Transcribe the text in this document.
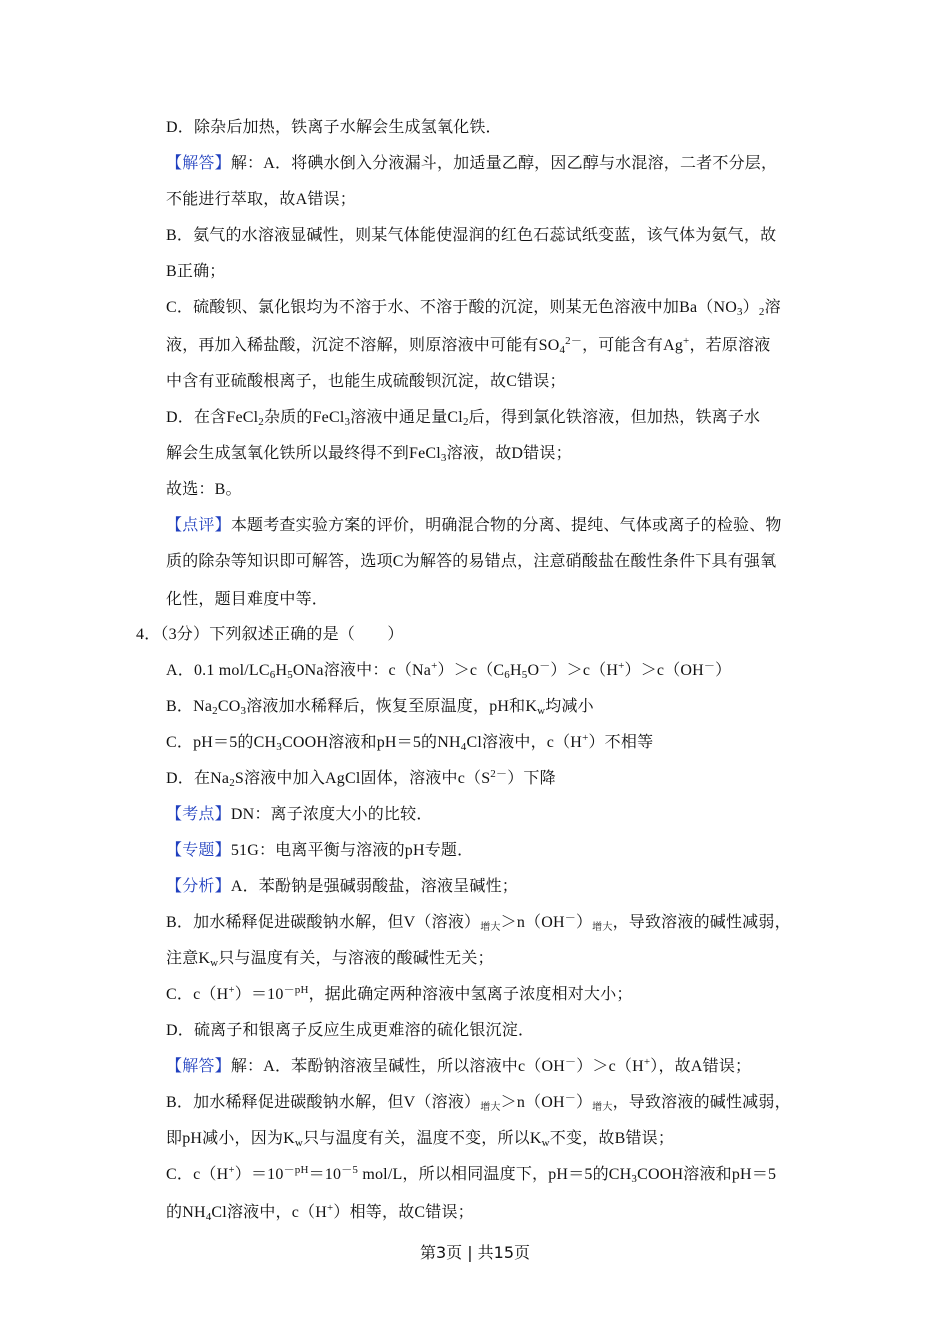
D．除杂后加热，铁离子水解会生成氢氧化铁．
【解答】解：A．将碘水倒入分液漏斗，加适量乙醇，因乙醇与水混溶，二者不分层，
不能进行萃取，故A错误；
B．氨气的水溶液显碱性，则某气体能使湿润的红色石蕊试纸变蓝，该气体为氨气，故
B正确；
C．硫酸钡、氯化银均为不溶于水、不溶于酸的沉淀，则某无色溶液中加$Ba(NO_3)_2$溶
液，再加入稀盐酸，沉淀不溶解，则原溶液中可能有$SO_4^{2-}$，可能含有Ag+，若原溶液
中含有亚硫酸根离子，也能生成硫酸钡沉淀，故C错误；
D．在含FeCl$_2$杂质的FeCl$_3$溶液中通足量$Cl_2$后，得到氯化铁溶液，但加热，铁离子水
解会生成氢氧化铁所以最终得不到FeCl$_3$溶液，故D错误；
故选：B。
【点评】本题考查实验方案的评价，明确混合物的分离、提纯、气体或离子的检验、物
质的除杂等知识即可解答，选项C为解答的易错点，注意硝酸盐在酸性条件下具有强氧
化性，题目难度中等．
4．（3分）下列叙述正确的是（　　）
A．0.1 mol/$LC_6H_5ONa$溶液中：$c(Na^+)>c(C_6H_5O^-)>c(H^+)>c(OH^-)$
B．$Na_2CO_3$溶液加水稀释后，恢复至原温度，pH和$K_w$均减小
C．pH＝5的$CH_3COOH$溶液和pH＝5的$NH_4Cl$溶液中，c（H+）不相等
D．在$Na_2S$溶液中加入AgCl固体，溶液中$c(S^{2-})$下降
【考点】DN：离子浓度大小的比较．
【专题】51G：电离平衡与溶液的pH专题．
【分析】A．苯酚钠是强碱弱酸盐，溶液呈碱性；
B．加水稀释促进碳酸钠水解，但V（溶液）增大＞n（OH－）增大，导致溶液的碱性减弱，
注意$K_w$只与温度有关，与溶液的酸碱性无关；
C．$c(H^+)=10^{-pH}$，据此确定两种溶液中氢离子浓度相对大小；
D．硫离子和银离子反应生成更难溶的硫化银沉淀．
【解答】解：A．苯酚钠溶液呈碱性，所以溶液中c（OH－）＞c（H+），故A错误；
B．加水稀释促进碳酸钠水解，但V（溶液）增大＞n（OH－）增大，导致溶液的碱性减弱，
即pH减小，因为$K_w$只与温度有关，温度不变，所以$K_w$不变，故B错误；
C．$c(H^+)=10^{-pH}=10^{-5}$ mol/L，所以相同温度下，pH＝5的$CH_3COOH$溶液和pH＝5
的$NH_4Cl$溶液中，c（H+）相等，故C错误；
第3页 | 共15页
